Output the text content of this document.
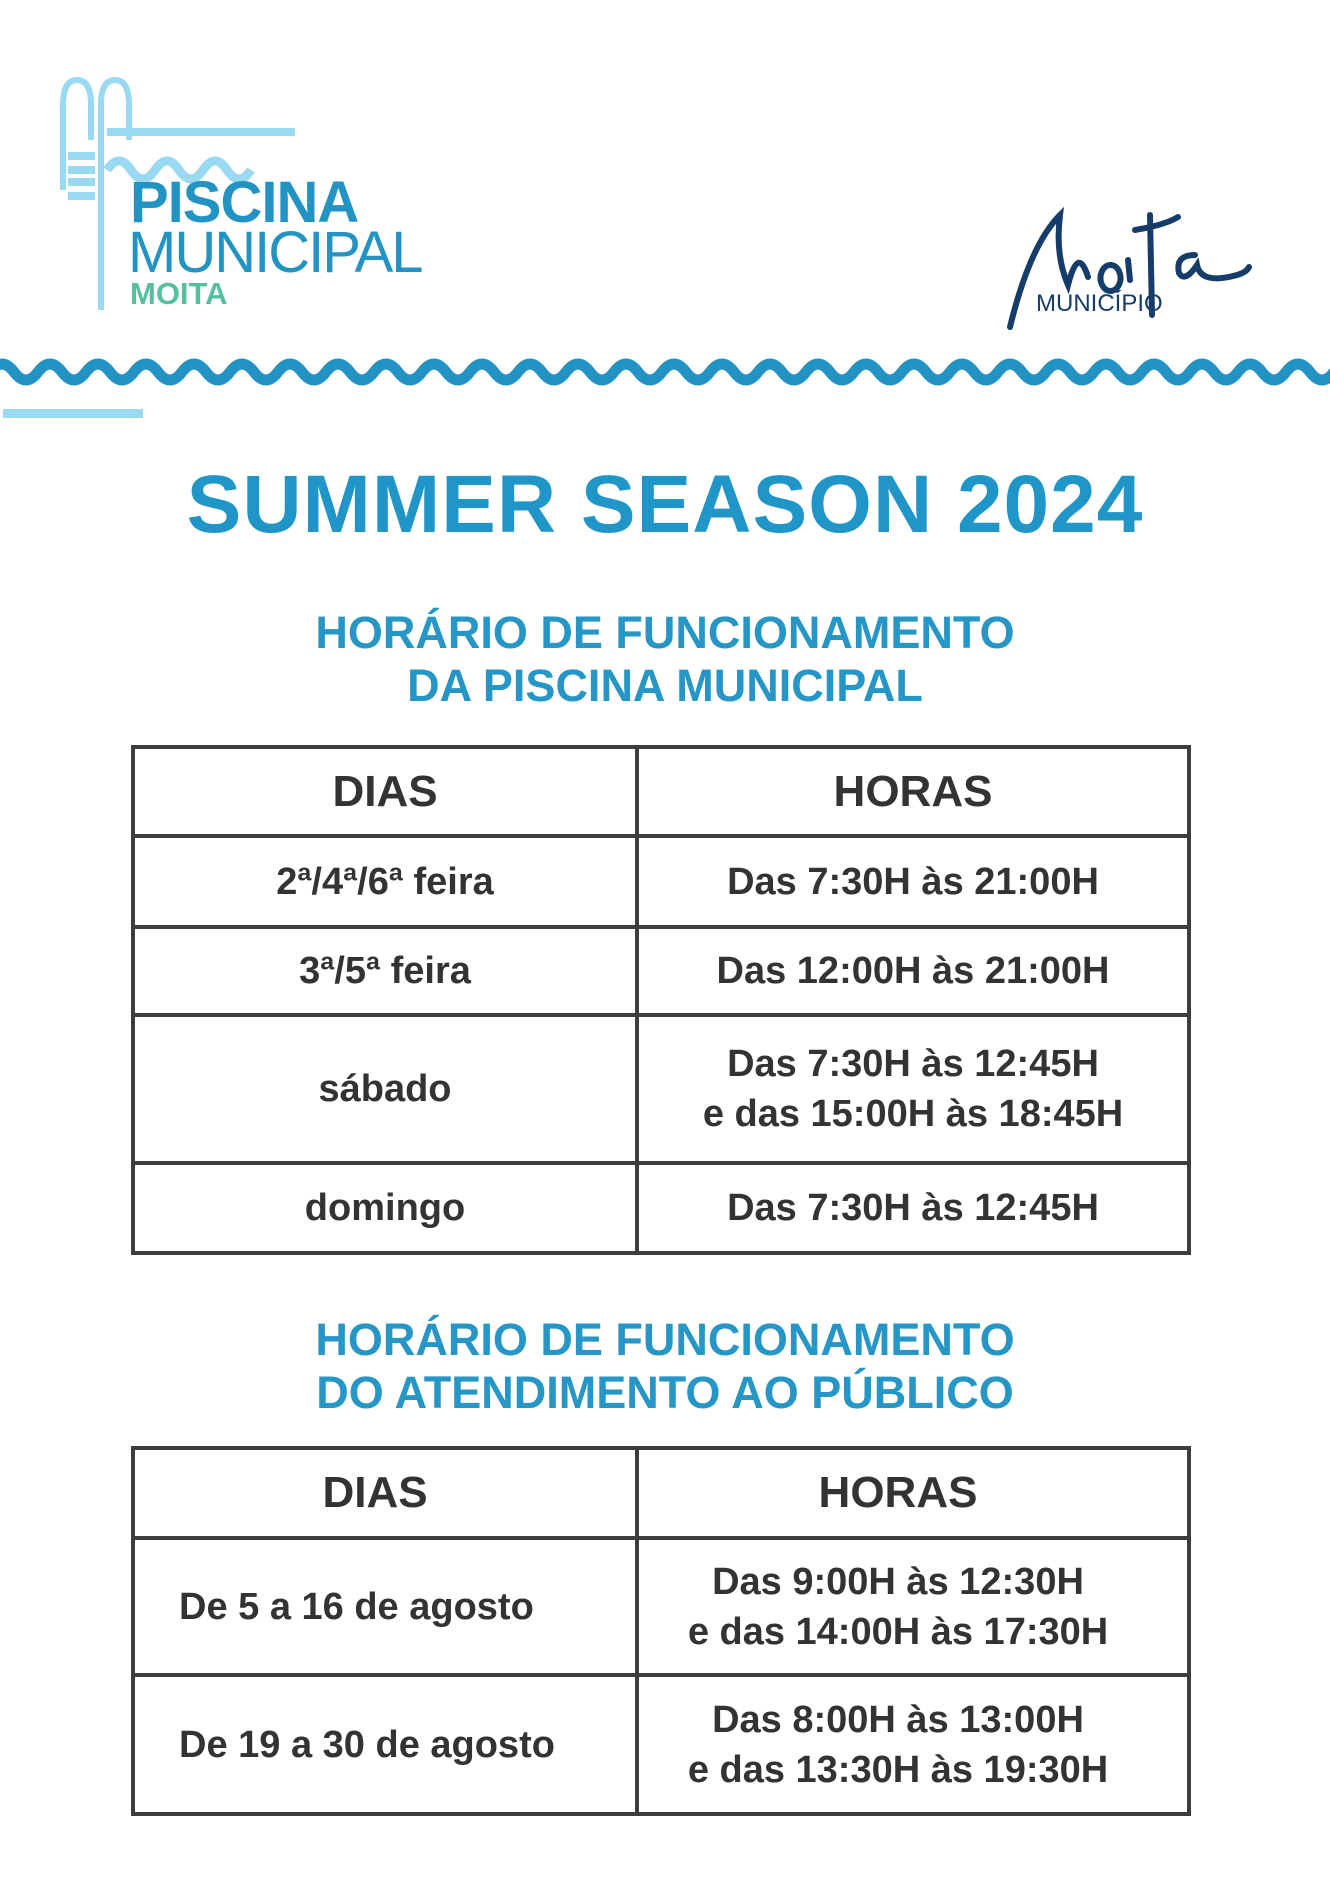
PISCINA
MUNICIPAL
MOITA	MUNICÍPIO
SUMMER SEASON 2024
HORÁRIO DE FUNCIONAMENTO
DA PISCINA MUNICIPAL
DIAS	HORAS
2ª/4ª/6ª feira	Das 7:30H às 21:00H
3ª/5ª feira	Das 12:00H às 21:00H
sábado	Das 7:30H às 12:45H
e das 15:00H às 18:45H

domingo	Das 7:30H às 12:45H
HORÁRIO DE FUNCIONAMENTO
DO ATENDIMENTO AO PÚBLICO
DIAS	HORAS
De 5 a 16 de agosto	Das 9:00H às 12:30H
e das 14:00H às 17:30H

De 19 a 30 de agosto	Das 8:00H às 13:00H
e das 13:30H às 19:30H
